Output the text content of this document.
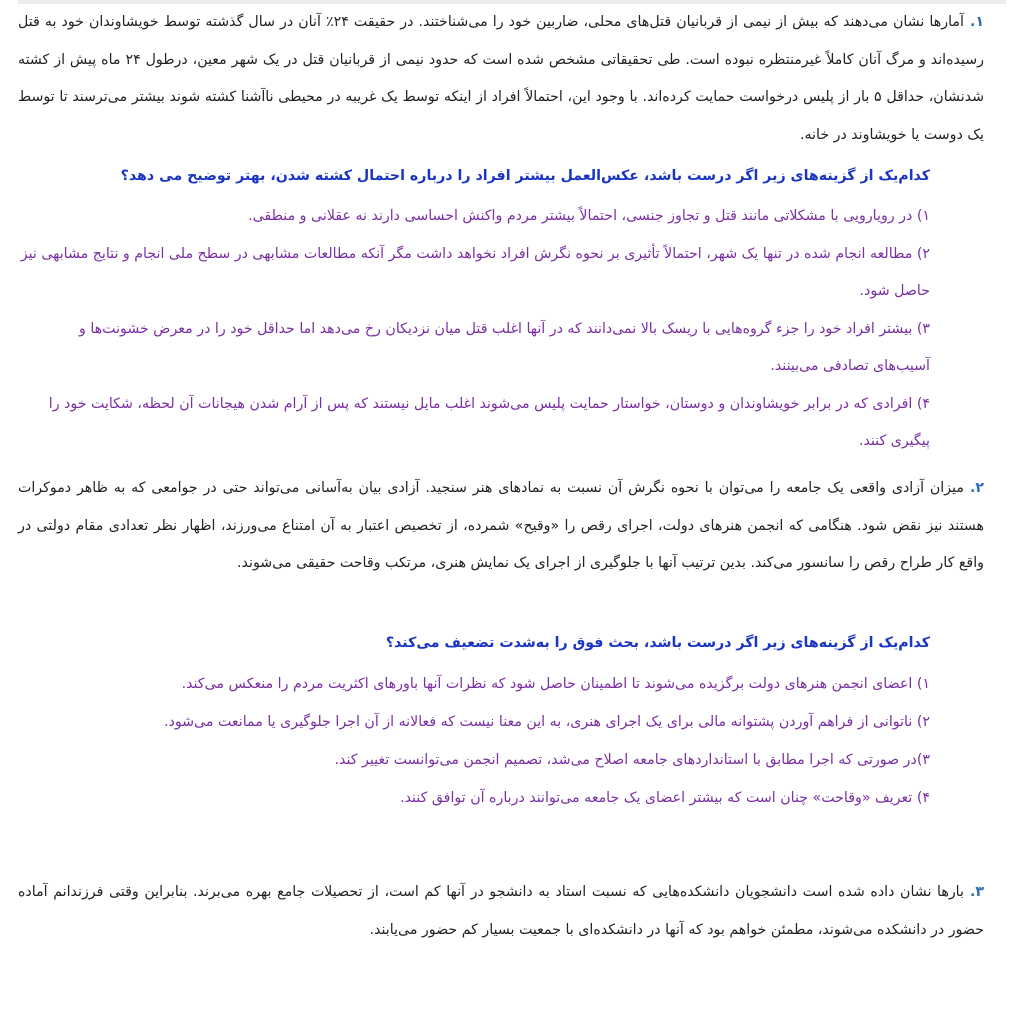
۱.آمارها نشان می‌دهند که بیش از نیمی از قربانیان قتل‌های محلی، ضاربین خود را می‌شناختند. در حقیقت ۲۴٪ آنان در سال گذشته توسط خویشاوندان خود به قتل رسیده‌اند و مرگ آنان کاملاً غیرمنتظره نبوده است. طی تحقیقاتی مشخص شده است که حدود نیمی از قربانیان قتل در یک شهر معین، درطول ۲۴ ماه پیش از کشته شدنشان، حداقل ۵ بار از پلیس درخواست حمایت کرده‌اند. با وجود این، احتمالاً افراد از اینکه توسط یک غریبه در محیطی ناآشنا کشته شوند بیشتر می‌ترسند تا توسط یک دوست یا خویشاوند در خانه.

کدام‌یک از گزینه‌های زیر اگر درست باشد، عکس‌العمل بیشتر افراد را درباره احتمال کشته شدن، بهتر توضیح می دهد؟

۱) در رویارویی با مشکلاتی مانند قتل و تجاوز جنسی، احتمالاً بیشتر مردم واکنش احساسی دارند نه عقلانی و منطقی.

۲) مطالعه انجام شده در تنها یک شهر، احتمالاً تأثیری بر نحوه نگرش افراد نخواهد داشت مگر آنکه مطالعات مشابهی در سطح ملی انجام و نتایج مشابهی نیز حاصل شود.

۳) بیشتر افراد خود را جزء گروه‌هایی با ریسک بالا نمی‌دانند که در آنها اغلب قتل میان نزدیکان رخ می‌دهد اما حداقل خود را در معرض خشونت‌ها و آسیب‌های تصادفی می‌بینند.

۴) افرادی که در برابر خویشاوندان و دوستان، خواستار حمایت پلیس می‌شوند اغلب مایل نیستند که پس از آرام شدن هیجانات آن لحظه، شکایت خود را پیگیری کنند.

۲.میزان آزادی واقعی یک جامعه را می‌توان با نحوه نگرش آن نسبت به نمادهای هنر سنجید. آزادی بیان به‌آسانی می‌تواند حتی در جوامعی که به ظاهر دموکرات هستند نیز نقض شود. هنگامی که انجمن هنرهای دولت، اجرای رقص را «وقیح» شمرده، از تخصیص اعتبار به آن امتناع می‌ورزند، اظهار نظر تعدادی مقام دولتی در واقع کار طراح رقص را سانسور می‌کند. بدین ترتیب آنها با جلوگیری از اجرای یک نمایش هنری، مرتکب وقاحت حقیقی می‌شوند.

کدام‌یک از گزینه‌های زیر اگر درست باشد، بحث فوق را به‌شدت تضعیف می‌کند؟

۱) اعضای انجمن هنرهای دولت برگزیده می‌شوند تا اطمینان حاصل شود که نظرات آنها باورهای اکثریت مردم را منعکس می‌کند.

۲) ناتوانی از فراهم آوردن پشتوانه مالی برای یک اجرای هنری، به این معنا نیست که فعالانه از آن اجرا جلوگیری یا ممانعت می‌شود.

۳)در صورتی که اجرا مطابق با استانداردهای جامعه اصلاح می‌شد، تصمیم انجمن می‌توانست تغییر کند.

۴) تعریف «وقاحت» چنان است که بیشتر اعضای یک جامعه می‌توانند درباره آن توافق کنند.

۳.بارها نشان داده شده است دانشجویان دانشکده‌هایی که نسبت استاد به دانشجو در آنها کم است، از تحصیلات جامع بهره می‌برند. بنابراین وقتی فرزندانم آماده حضور در دانشکده می‌شوند، مطمئن خواهم بود که آنها در دانشکده‌ای با جمعیت بسیار کم حضور می‌یابند.
